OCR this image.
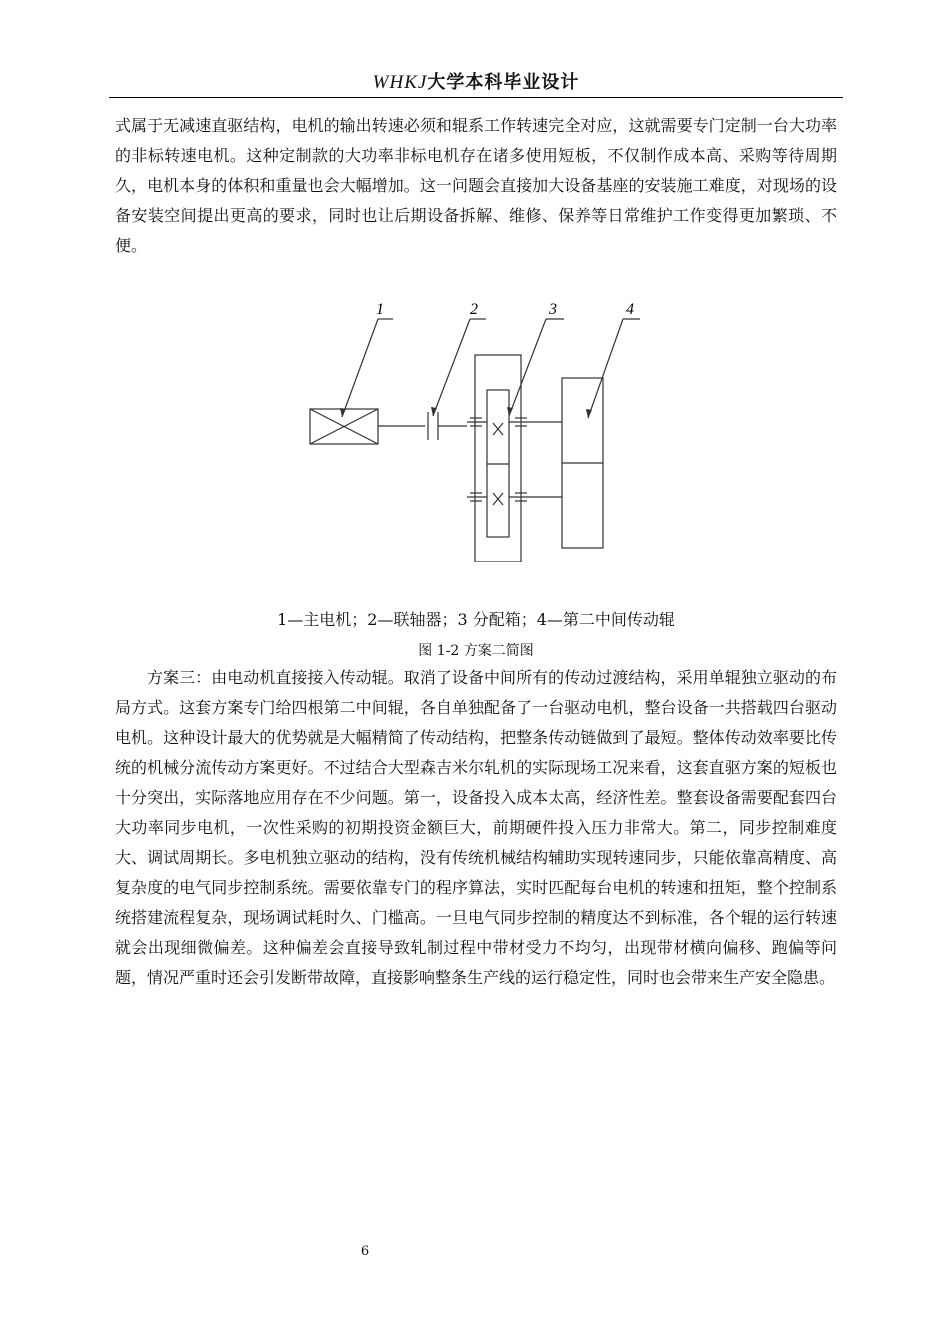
WHKJ大学本科毕业设计

式属于无减速直驱结构，电机的输出转速必须和辊系工作转速完全对应，这就需要专门定制一台大功率的非标转速电机。这种定制款的大功率非标电机存在诸多使用短板，不仅制作成本高、采购等待周期久，电机本身的体积和重量也会大幅增加。这一问题会直接加大设备基座的安装施工难度，对现场的设备安装空间提出更高的要求，同时也让后期设备拆解、维修、保养等日常维护工作变得更加繁琐、不便。

1	2	3	4
1—主电机；2—联轴器；3 分配箱；4—第二中间传动辊
图 1-2 方案二简图

方案三：由电动机直接接入传动辊。取消了设备中间所有的传动过渡结构，采用单辊独立驱动的布局方式。这套方案专门给四根第二中间辊，各自单独配备了一台驱动电机，整台设备一共搭载四台驱动电机。这种设计最大的优势就是大幅精简了传动结构，把整条传动链做到了最短。整体传动效率要比传统的机械分流传动方案更好。不过结合大型森吉米尔轧机的实际现场工况来看，这套直驱方案的短板也十分突出，实际落地应用存在不少问题。第一，设备投入成本太高，经济性差。整套设备需要配套四台大功率同步电机，一次性采购的初期投资金额巨大，前期硬件投入压力非常大。第二，同步控制难度大、调试周期长。多电机独立驱动的结构，没有传统机械结构辅助实现转速同步，只能依靠高精度、高复杂度的电气同步控制系统。需要依靠专门的程序算法，实时匹配每台电机的转速和扭矩，整个控制系统搭建流程复杂，现场调试耗时久、门槛高。一旦电气同步控制的精度达不到标准，各个辊的运行转速就会出现细微偏差。这种偏差会直接导致轧制过程中带材受力不均匀，出现带材横向偏移、跑偏等问题，情况严重时还会引发断带故障，直接影响整条生产线的运行稳定性，同时也会带来生产安全隐患。

6
